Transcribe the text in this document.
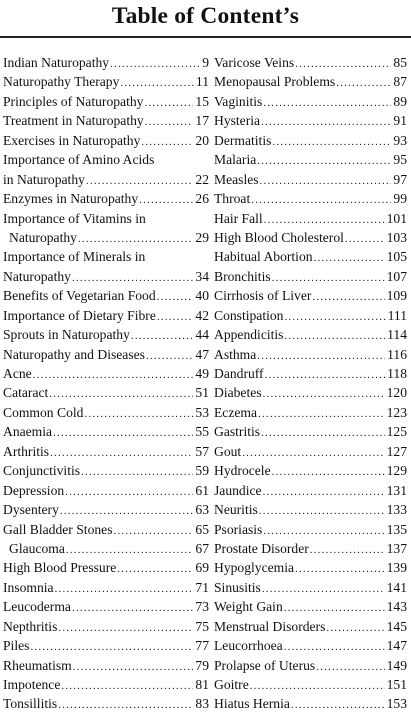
Table of Content’s
Indian Naturopathy .....	9
Naturopathy Therapy .....	11
Principles of Naturopathy .....	15
Treatment in Naturopathy .....	17
Exercises in Naturopathy .....	20
Importance of Amino Acids
in Naturopathy .....	22
Enzymes in Naturopathy .....	26
Importance of Vitamins in
Naturopathy .....	29
Importance of Minerals in
Naturopathy .....	34
Benefits of Vegetarian Food .....	40
Importance of Dietary Fibre .....	42
Sprouts in Naturopathy .....	44
Naturopathy and Diseases .....	47
Acne .....	49
Cataract .....	51
Common Cold .....	53
Anaemia .....	55
Arthritis .....	57
Conjunctivitis .....	59
Depression .....	61
Dysentery .....	63
Gall Bladder Stones .....	65
Glaucoma .....	67
High Blood Pressure .....	69
Insomnia .....	71
Leucoderma .....	73
Nepthritis .....	75
Piles .....	77
Rheumatism .....	79
Impotence .....	81
Tonsillitis .....	83
Varicose Veins .....	85
Menopausal Problems .....	87
Vaginitis .....	89
Hysteria .....	91
Dermatitis .....	93
Malaria .....	95
Measles .....	97
Throat .....	99
Hair Fall .....	101
High Blood Cholesterol .....	103
Habitual Abortion .....	105
Bronchitis .....	107
Cirrhosis of Liver .....	109
Constipation .....	111
Appendicitis .....	114
Asthma .....	116
Dandruff .....	118
Diabetes .....	120
Eczema .....	123
Gastritis .....	125
Gout .....	127
Hydrocele .....	129
Jaundice .....	131
Neuritis .....	133
Psoriasis .....	135
Prostate Disorder .....	137
Hypoglycemia .....	139
Sinusitis .....	141
Weight Gain .....	143
Menstrual Disorders .....	145
Leucorrhoea .....	147
Prolapse of Uterus .....	149
Goitre .....	151
Hiatus Hernia .....	153
